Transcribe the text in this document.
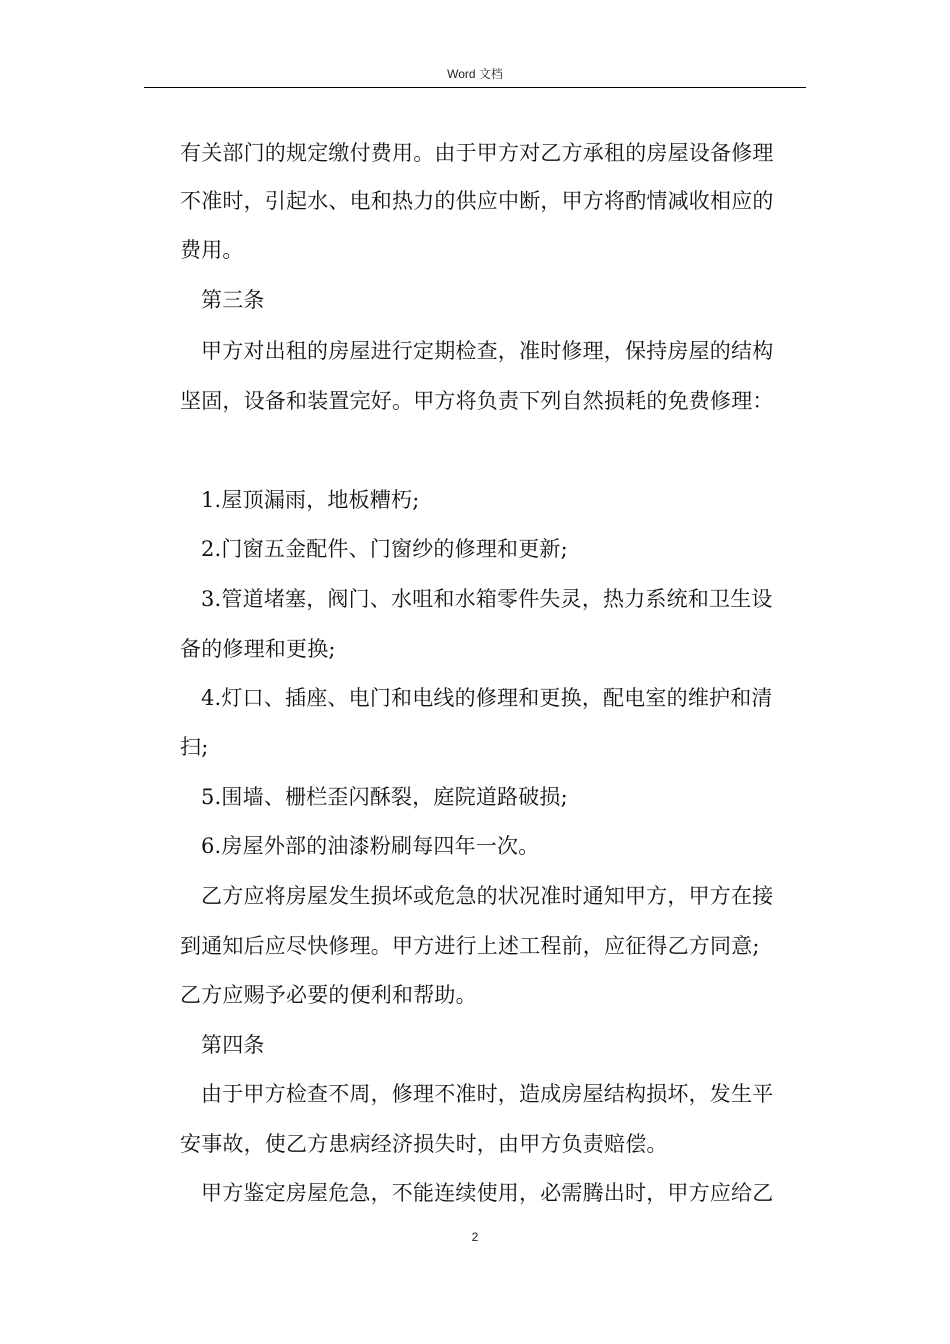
Word 文档
有关部门的规定缴付费用。由于甲方对乙方承租的房屋设备修理
不准时，引起水、电和热力的供应中断，甲方将酌情减收相应的
费用。
第三条
甲方对出租的房屋进行定期检查，准时修理，保持房屋的结构
坚固，设备和装置完好。甲方将负责下列自然损耗的免费修理：
1.屋顶漏雨，地板糟朽;
2.门窗五金配件、门窗纱的修理和更新;
3.管道堵塞，阀门、水咀和水箱零件失灵，热力系统和卫生设
备的修理和更换;
4.灯口、插座、电门和电线的修理和更换，配电室的维护和清
扫;
5.围墙、栅栏歪闪酥裂，庭院道路破损;
6.房屋外部的油漆粉刷每四年一次。
乙方应将房屋发生损坏或危急的状况准时通知甲方，甲方在接
到通知后应尽快修理。甲方进行上述工程前，应征得乙方同意;
乙方应赐予必要的便利和帮助。
第四条
由于甲方检查不周，修理不准时，造成房屋结构损坏，发生平
安事故，使乙方患病经济损失时，由甲方负责赔偿。
甲方鉴定房屋危急，不能连续使用，必需腾出时，甲方应给乙
2
